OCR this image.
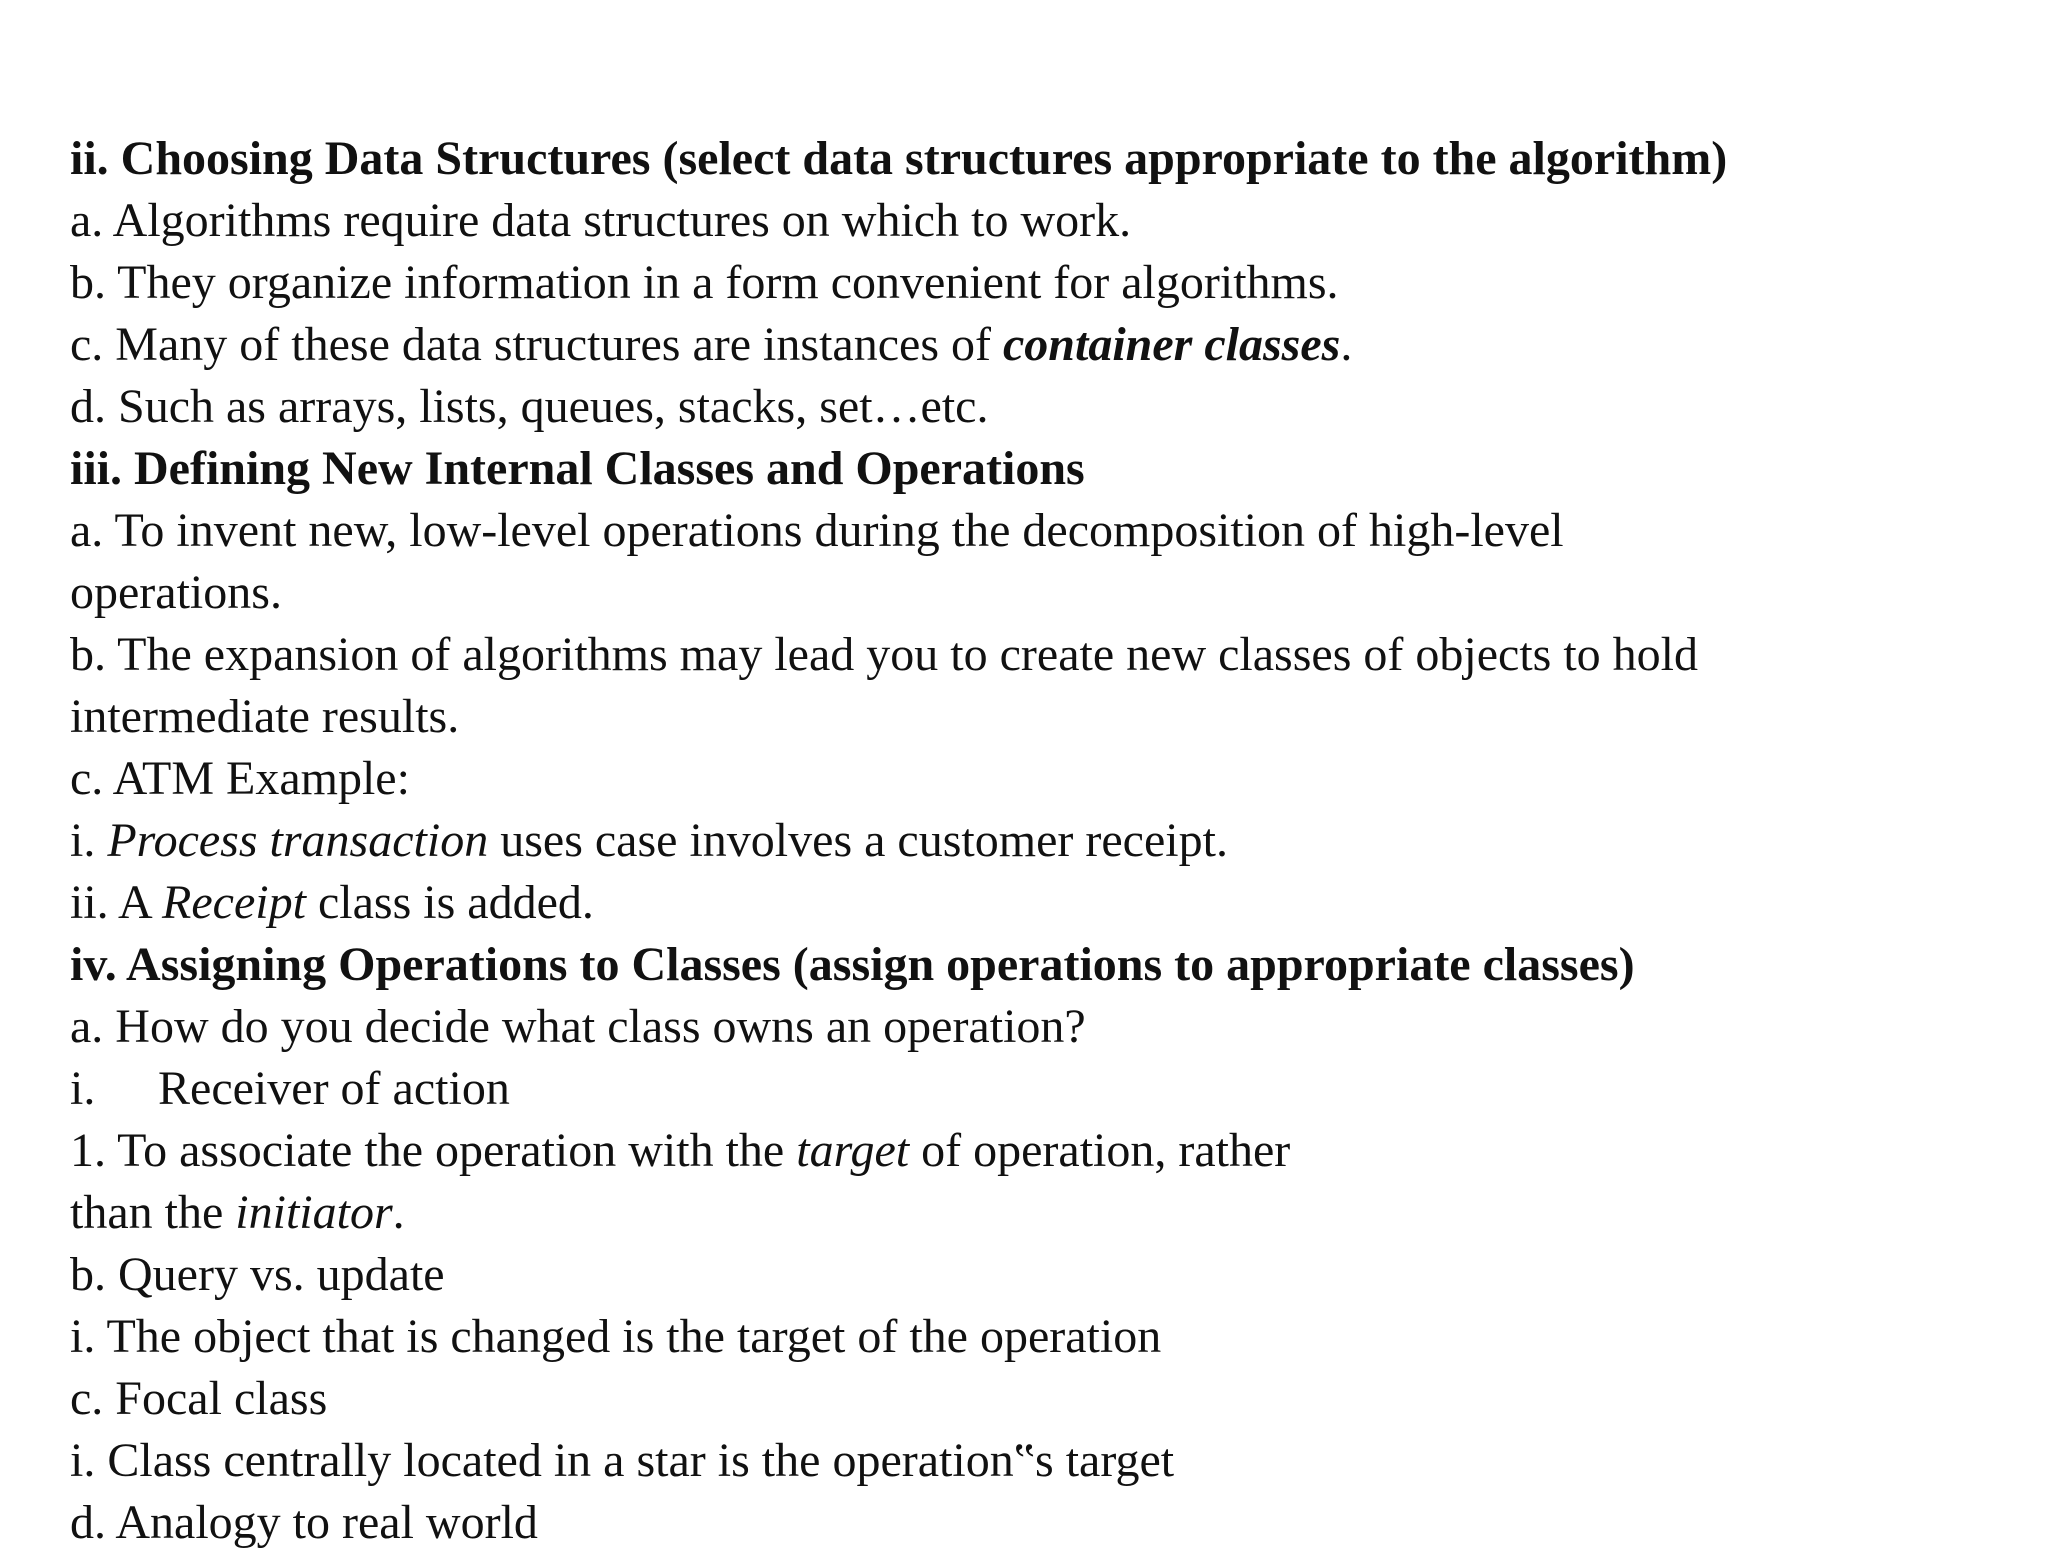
ii. Choosing Data Structures (select data structures appropriate to the algorithm)
a. Algorithms require data structures on which to work.
b. They organize information in a form convenient for algorithms.
c. Many of these data structures are instances of container classes.
d. Such as arrays, lists, queues, stacks, set…etc.
iii. Defining New Internal Classes and Operations
a. To invent new, low-level operations during the decomposition of high-level
operations.
b. The expansion of algorithms may lead you to create new classes of objects to hold
intermediate results.
c. ATM Example:
i. Process transaction uses case involves a customer receipt.
ii. A Receipt class is added.
iv. Assigning Operations to Classes (assign operations to appropriate classes)
a. How do you decide what class owns an operation?
i. Receiver of action
1. To associate the operation with the target of operation, rather
than the initiator.
b. Query vs. update
i. The object that is changed is the target of the operation
c. Focal class
i. Class centrally located in a star is the operation‟s target
d. Analogy to real world
